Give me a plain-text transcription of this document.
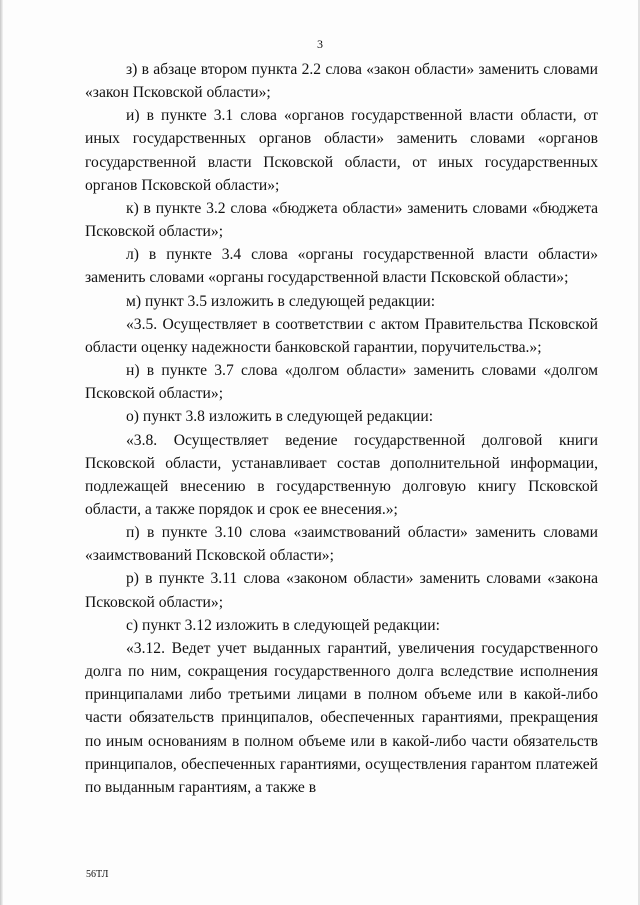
3

з) в абзаце втором пункта 2.2 слова «закон области» заменить словами «закон Псковской области»;

и) в пункте 3.1 слова «органов государственной власти области, от иных государственных органов области» заменить словами «органов государственной власти Псковской области, от иных государственных органов Псковской области»;

к) в пункте 3.2 слова «бюджета области» заменить словами «бюджета Псковской области»;

л) в пункте 3.4 слова «органы государственной власти области» заменить словами «органы государственной власти Псковской области»;

м) пункт 3.5 изложить в следующей редакции:

«3.5. Осуществляет в соответствии с актом Правительства Псковской области оценку надежности банковской гарантии, поручительства.»;

н) в пункте 3.7 слова «долгом области» заменить словами «долгом Псковской области»;

о) пункт 3.8 изложить в следующей редакции:

«3.8. Осуществляет ведение государственной долговой книги Псковской области, устанавливает состав дополнительной информации, подлежащей внесению в государственную долговую книгу Псковской области, а также порядок и срок ее внесения.»;

п) в пункте 3.10 слова «заимствований области» заменить словами «заимствований Псковской области»;

р) в пункте 3.11 слова «законом области» заменить словами «закона Псковской области»;

с) пункт 3.12 изложить в следующей редакции:

«3.12. Ведет учет выданных гарантий, увеличения государственного долга по ним, сокращения государственного долга вследствие исполнения принципалами либо третьими лицами в полном объеме или в какой-либо части обязательств принципалов, обеспеченных гарантиями, прекращения по иным основаниям в полном объеме или в какой-либо части обязательств принципалов, обеспеченных гарантиями, осуществления гарантом платежей по выданным гарантиям, а также в

56ТЛ
